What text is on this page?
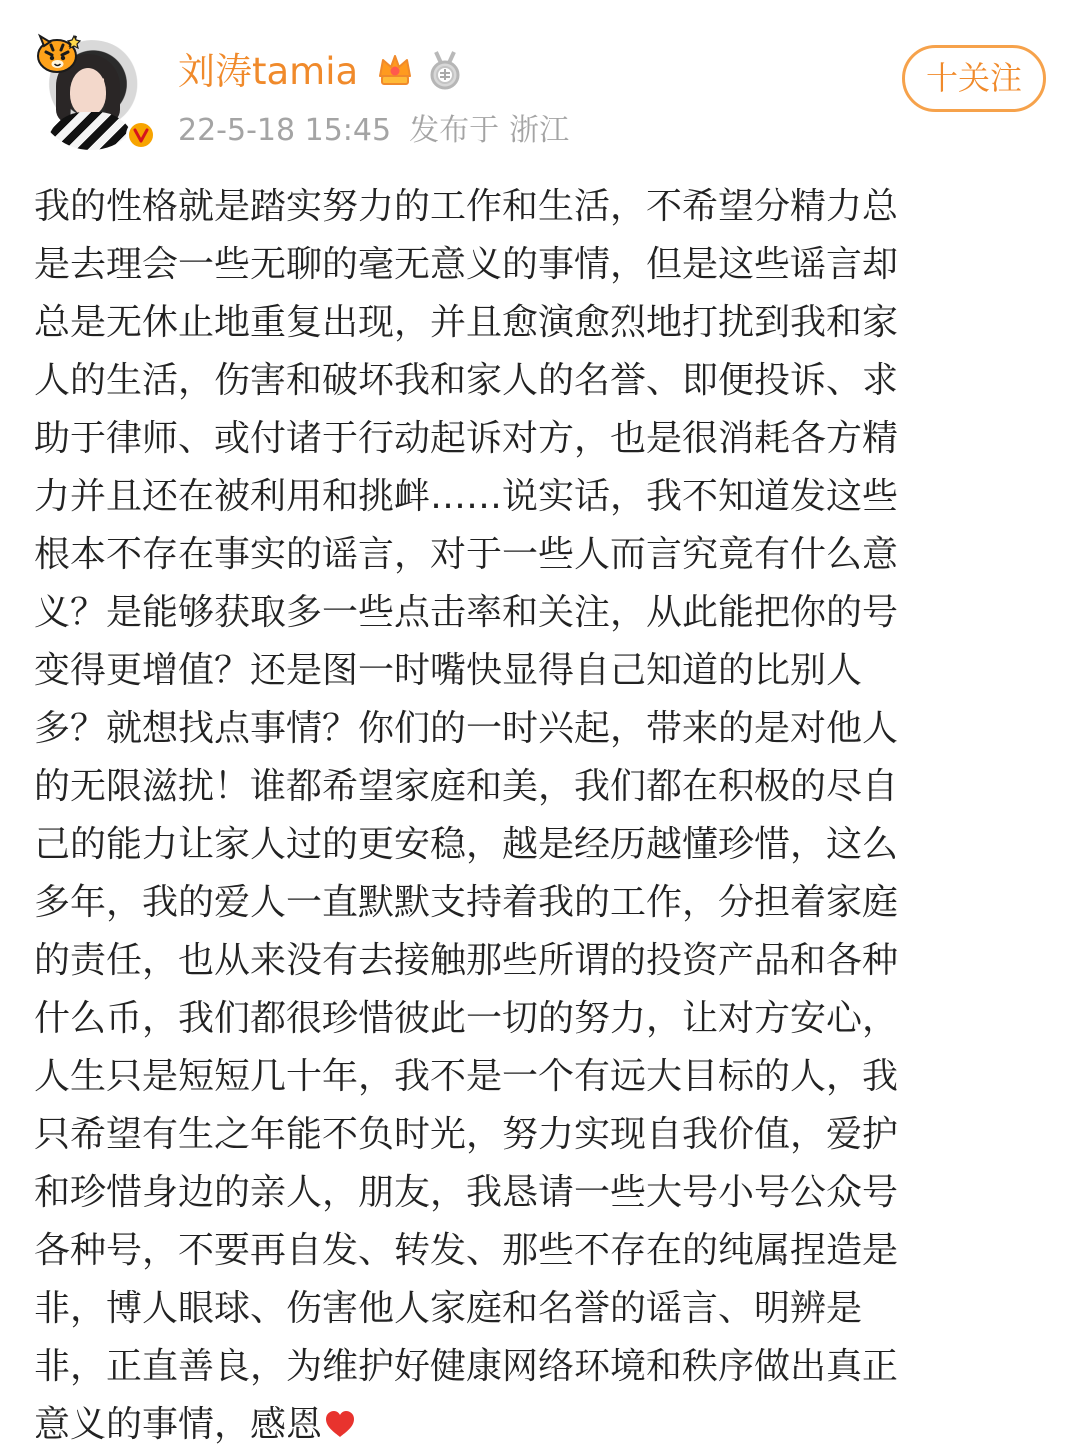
刘涛tamia
22-5-18 15:45 发布于 浙江
十关注
我的性格就是踏实努力的工作和生活，不希望分精力总
是去理会一些无聊的毫无意义的事情，但是这些谣言却
总是无休止地重复出现，并且愈演愈烈地打扰到我和家
人的生活，伤害和破坏我和家人的名誉、即便投诉、求
助于律师、或付诸于行动起诉对方，也是很消耗各方精
力并且还在被利用和挑衅……说实话，我不知道发这些
根本不存在事实的谣言，对于一些人而言究竟有什么意
义？是能够获取多一些点击率和关注，从此能把你的号
变得更增值？还是图一时嘴快显得自己知道的比别人
多？就想找点事情？你们的一时兴起，带来的是对他人
的无限滋扰！谁都希望家庭和美，我们都在积极的尽自
己的能力让家人过的更安稳，越是经历越懂珍惜，这么
多年，我的爱人一直默默支持着我的工作，分担着家庭
的责任，也从来没有去接触那些所谓的投资产品和各种
什么币，我们都很珍惜彼此一切的努力，让对方安心，
人生只是短短几十年，我不是一个有远大目标的人，我
只希望有生之年能不负时光，努力实现自我价值，爱护
和珍惜身边的亲人，朋友，我恳请一些大号小号公众号
各种号，不要再自发、转发、那些不存在的纯属捏造是
非，博人眼球、伤害他人家庭和名誉的谣言、明辨是
非，正直善良，为维护好健康网络环境和秩序做出真正
意义的事情，感恩
